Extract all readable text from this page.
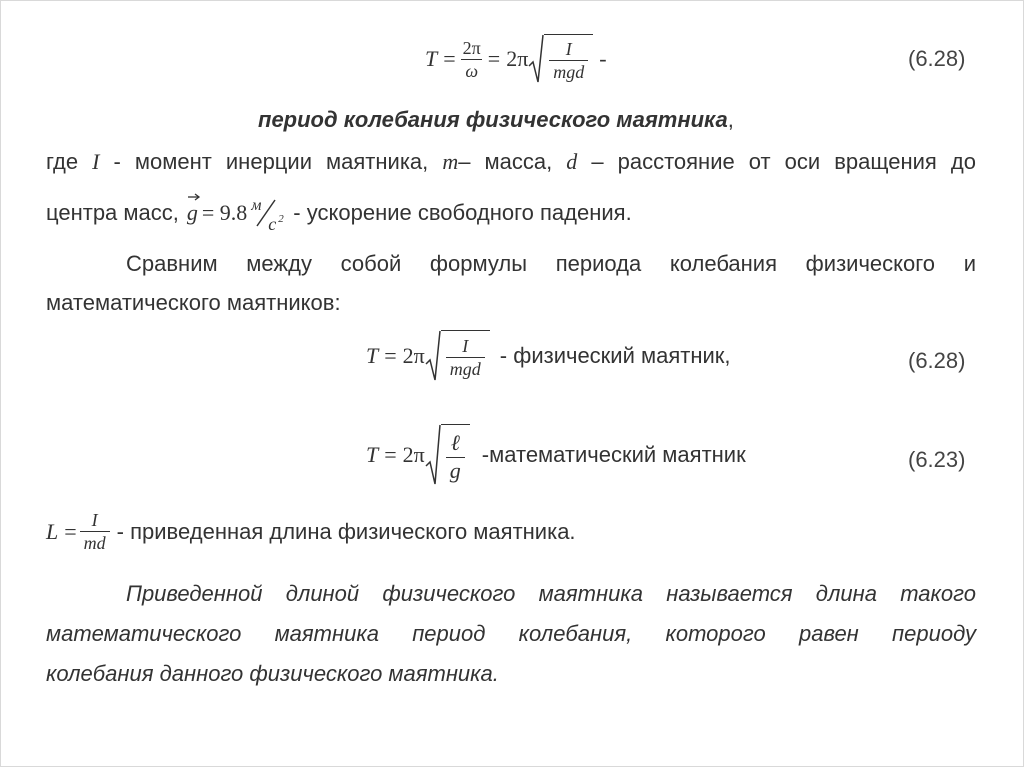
$T = \frac{2\pi}{\omega} = 2\pi \frac{I}{\text{mgd}}$ -	(6.28)
период колебания физического маятника,
где I - момент инерции маятника, m– масса, d – расстояние от оси вращения до
центра масс, g = 9.8 м
с 2 - ускорение свободного падения.
Сравним между собой формулы периода колебания физического и
математического маятников:
$T = 2\pi \frac{I}{\text{mgd}}$ - физический маятник,	(6.28)
$T = 2\pi \frac{\text{ℓ}}{g}$ -математический маятник	(6.23)
$L = \frac{I}{md}$ - приведенная длина физического маятника.
Приведенной длиной физического маятника называется длина такого
математического маятника период колебания, которого равен периоду
колебания данного физического маятника.
